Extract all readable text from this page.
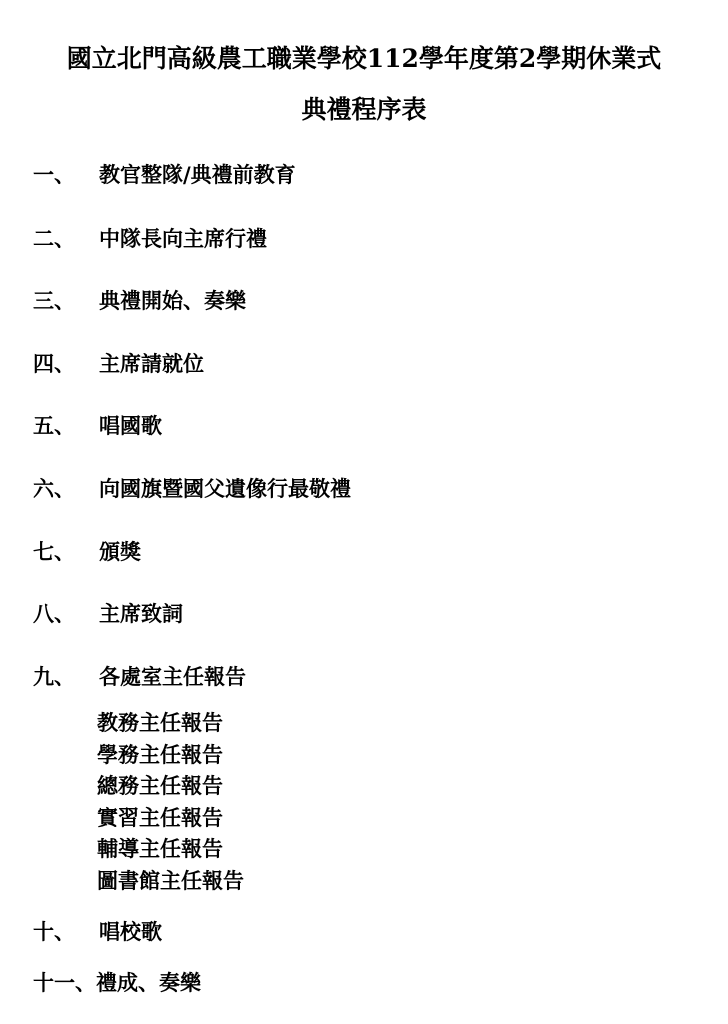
國立北門高級農工職業學校112學年度第2學期休業式
典禮程序表
一、 教官整隊/典禮前教育
二、 中隊長向主席行禮
三、 典禮開始、奏樂
四、 主席請就位
五、 唱國歌
六、 向國旗暨國父遺像行最敬禮
七、 頒獎
八、 主席致詞
九、 各處室主任報告
教務主任報告
學務主任報告
總務主任報告
實習主任報告
輔導主任報告
圖書館主任報告
十、 唱校歌
十一、禮成、奏樂
